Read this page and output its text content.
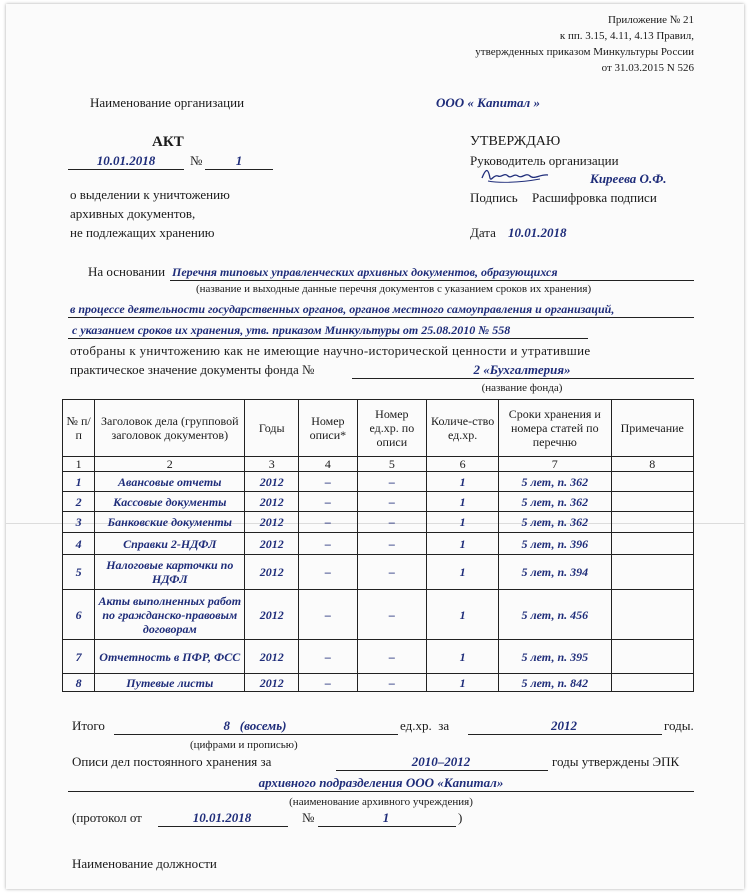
Приложение № 21
к пп. 3.15, 4.11, 4.13 Правил,
утвержденных приказом Минкультуры России
от 31.03.2015 N 526
Наименование организации	ООО « Капитал »
АКТ
10.01.2018	№	1
о выделении к уничтожению
архивных документов,
не подлежащих хранению
УТВЕРЖДАЮ
Руководитель организации
Киреева О.Ф.
Подпись Расшифровка подписи
Дата 10.01.2018
На основании Перечня типовых управленческих архивных документов, образующихся
(название и выходные данные перечня документов с указанием сроков их хранения)
в процессе деятельности государственных органов, органов местного самоуправления и организаций,
с указанием сроков их хранения, утв. приказом Минкультуры от 25.08.2010 № 558
отобраны к уничтожению как не имеющие научно-исторической ценности и утратившие
практическое значение документы фонда №	2 «Бухгалтерия»
(название фонда)
№ п/п	Заголовок дела (групповой заголовок документов)	Годы	Номер описи*	Номер ед.хр. по описи	Количе-ство ед.хр.	Сроки хранения и номера статей по перечню	Примечание
1	2	3	4	5	6	7	8
1	Авансовые отчеты	2012	–	–	1	5 лет, п. 362	
2	Кассовые документы	2012	–	–	1	5 лет, п. 362	
3	Банковские документы	2012	–	–	1	5 лет, п. 362	
4	Справки 2-НДФЛ	2012	–	–	1	5 лет, п. 396	
5	Налоговые карточки по НДФЛ	2012	–	–	1	5 лет, п. 394	
6	Акты выполненных работ по гражданско-правовым договорам	2012	–	–	1	5 лет, п. 456	
7	Отчетность в ПФР, ФСС	2012	–	–	1	5 лет, п. 395	
8	Путевые листы	2012	–	–	1	5 лет, п. 842	
Итого	8   (восемь)	ед.хр.  за	2012	годы.
(цифрами и прописью)
Описи дел постоянного хранения за	2010–2012	годы утверждены ЭПК
архивного подразделения ООО «Капитал»
(наименование архивного учреждения)
(протокол от	10.01.2018	№	1	)
Наименование должности
